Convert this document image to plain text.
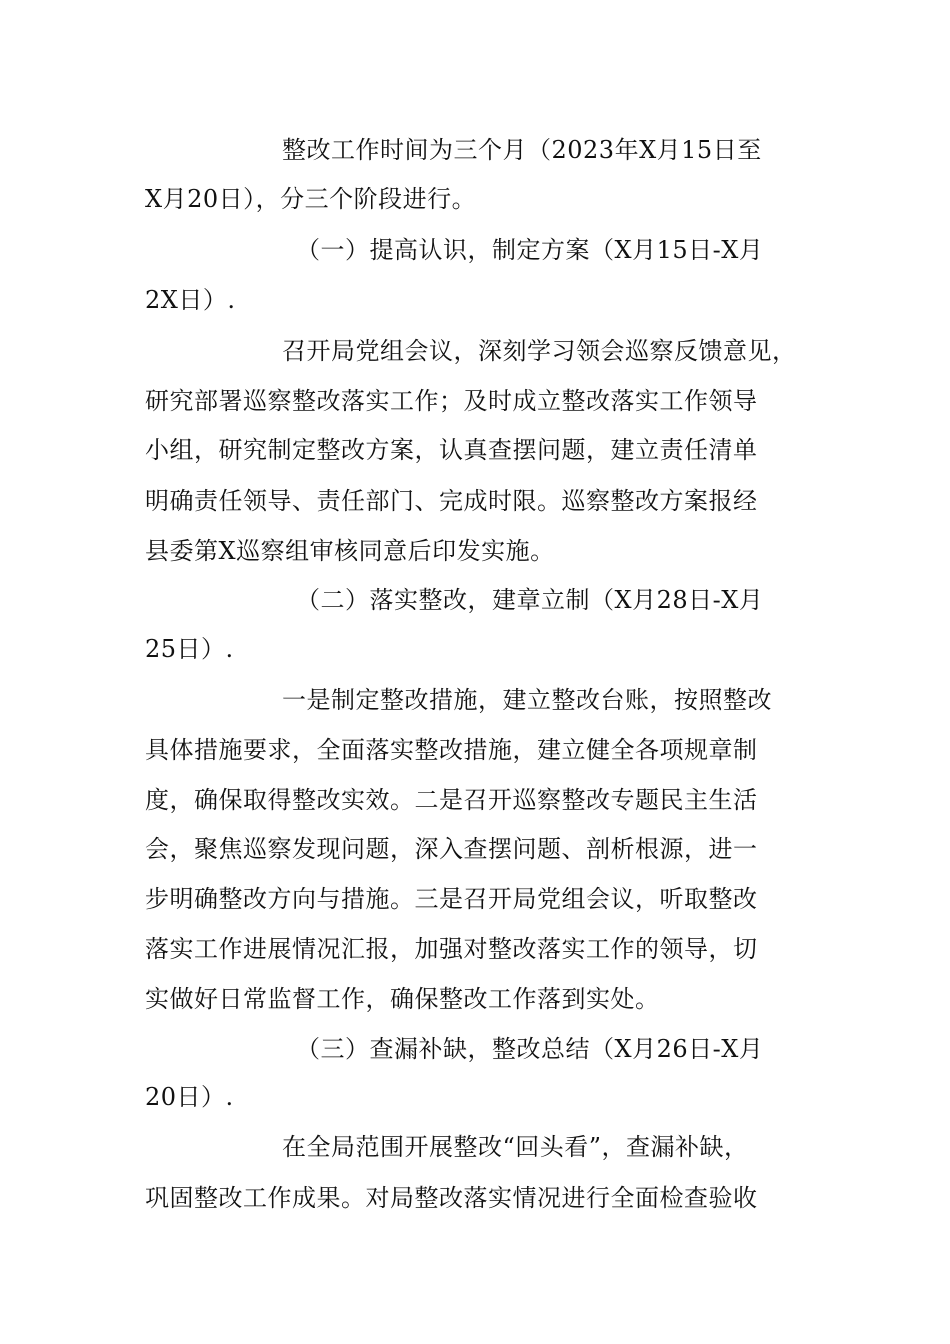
整改工作时间为三个月（2023年X月15日至
X月20日），分三个阶段进行。
（一）提高认识，制定方案（X月15日-X月
2X日）.
召开局党组会议，深刻学习领会巡察反馈意见，
研究部署巡察整改落实工作；及时成立整改落实工作领导
小组，研究制定整改方案，认真查摆问题，建立责任清单
明确责任领导、责任部门、完成时限。巡察整改方案报经
县委第X巡察组审核同意后印发实施。
（二）落实整改，建章立制（X月28日-X月
25日）.
一是制定整改措施，建立整改台账，按照整改
具体措施要求，全面落实整改措施，建立健全各项规章制
度，确保取得整改实效。二是召开巡察整改专题民主生活
会，聚焦巡察发现问题，深入查摆问题、剖析根源，进一
步明确整改方向与措施。三是召开局党组会议，听取整改
落实工作进展情况汇报，加强对整改落实工作的领导，切
实做好日常监督工作，确保整改工作落到实处。
（三）查漏补缺，整改总结（X月26日-X月
20日）.
在全局范围开展整改“回头看”，查漏补缺，
巩固整改工作成果。对局整改落实情况进行全面检查验收
